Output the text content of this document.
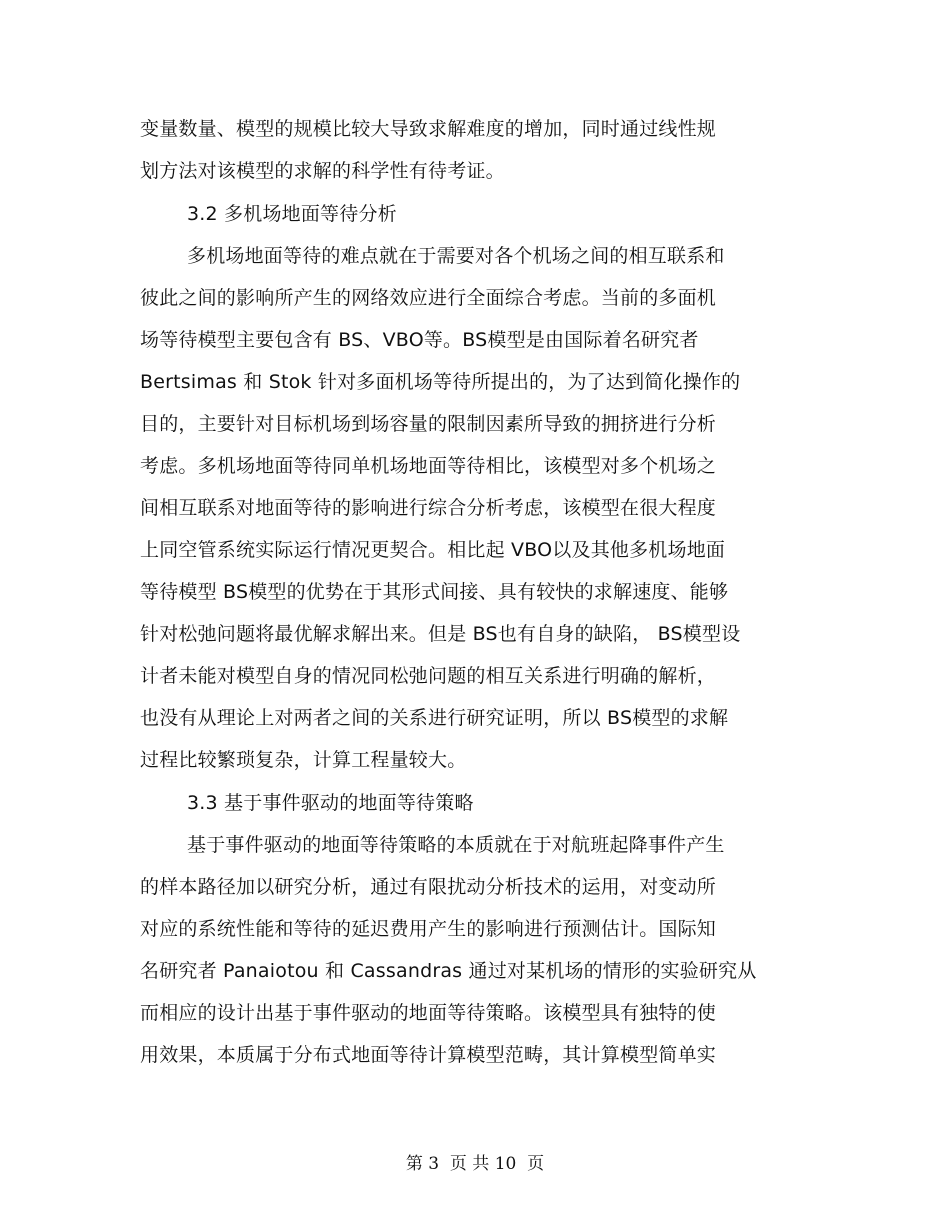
变量数量、模型的规模比较大导致求解难度的增加，同时通过线性规
划方法对该模型的求解的科学性有待考证。
3.2 多机场地面等待分析
多机场地面等待的难点就在于需要对各个机场之间的相互联系和
彼此之间的影响所产生的网络效应进行全面综合考虑。当前的多面机
场等待模型主要包含有 BS、VBO等。BS模型是由国际着名研究者
Bertsimas 和 Stok 针对多面机场等待所提出的，为了达到简化操作的
目的，主要针对目标机场到场容量的限制因素所导致的拥挤进行分析
考虑。多机场地面等待同单机场地面等待相比，该模型对多个机场之
间相互联系对地面等待的影响进行综合分析考虑，该模型在很大程度
上同空管系统实际运行情况更契合。相比起 VBO以及其他多机场地面
等待模型 BS模型的优势在于其形式间接、具有较快的求解速度、能够
针对松弛问题将最优解求解出来。但是 BS也有自身的缺陷， BS模型设
计者未能对模型自身的情况同松弛问题的相互关系进行明确的解析，
也没有从理论上对两者之间的关系进行研究证明，所以 BS模型的求解
过程比较繁琐复杂，计算工程量较大。
3.3 基于事件驱动的地面等待策略
基于事件驱动的地面等待策略的本质就在于对航班起降事件产生
的样本路径加以研究分析，通过有限扰动分析技术的运用，对变动所
对应的系统性能和等待的延迟费用产生的影响进行预测估计。国际知
名研究者 Panaiotou 和 Cassandras 通过对某机场的情形的实验研究从
而相应的设计出基于事件驱动的地面等待策略。该模型具有独特的使
用效果，本质属于分布式地面等待计算模型范畴，其计算模型简单实
第 3  页 共 10  页
